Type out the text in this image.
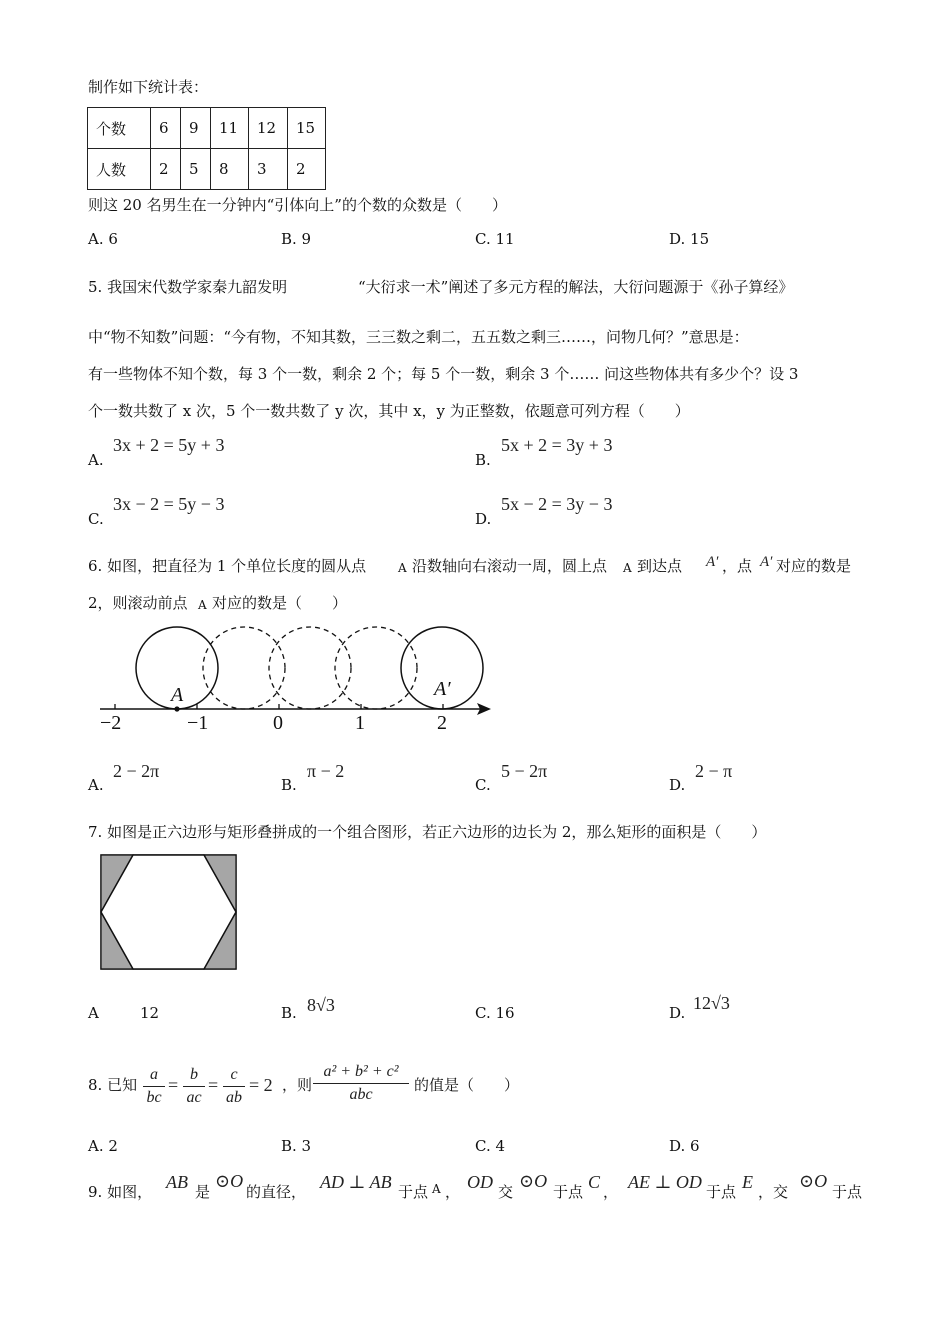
制作如下统计表：
个数	6	9	11	12	15
人数	2	5	8	3	2
则这 20 名男生在一分钟内“引体向上”的个数的众数是（　　）
A. 6	B. 9	C. 11	D. 15
5. 我国宋代数学家秦九韶发明	“大衍求一术”阐述了多元方程的解法，大衍问题源于《孙子算经》
中“物不知数”问题：“今有物，不知其数，三三数之剩二，五五数之剩三……，问物几何？”意思是：
有一些物体不知个数，每 3 个一数，剩余 2 个；每 5 个一数，剩余 3 个…… 问这些物体共有多少个？设 3
个一数共数了 x 次，5 个一数共数了 y 次，其中 x，y 为正整数，依题意可列方程（　　）
A.
3x + 2 = 5y + 3
B.
5x + 2 = 3y + 3
C.
3x − 2 = 5y − 3
D.
5x − 2 = 3y − 3
6. 如图，把直径为 1 个单位长度的圆从点	A 沿数轴向右滚动一周，圆上点 A 到达点 A′ ，点 A′ 对应的数是
2，则滚动前点 A 对应的数是（　　）
A	A′
−2	−1	0	1	2
A.
2 − 2π
B.
π − 2
C.
5 − 2π
D.
2 − π
7. 如图是正六边形与矩形叠拼成的一个组合图形，若正六边形的边长为 2，那么矩形的面积是（　　）
A	12	B. 8√3	C. 16	D. 12√3
8. 已知 $\frac{a}{bc} = \frac{b}{ac} = \frac{c}{ab} = 2$ ，则
a² + b² + c²
abc
的值是（　　）
A. 2	B. 3	C. 4	D. 6
9. 如图， AB 是
⊙O
的直径， AD ⊥ AB 于点 A ， OD 交
⊙O
于点 C ， AE ⊥ OD 于点 E ，交
⊙O
于点
